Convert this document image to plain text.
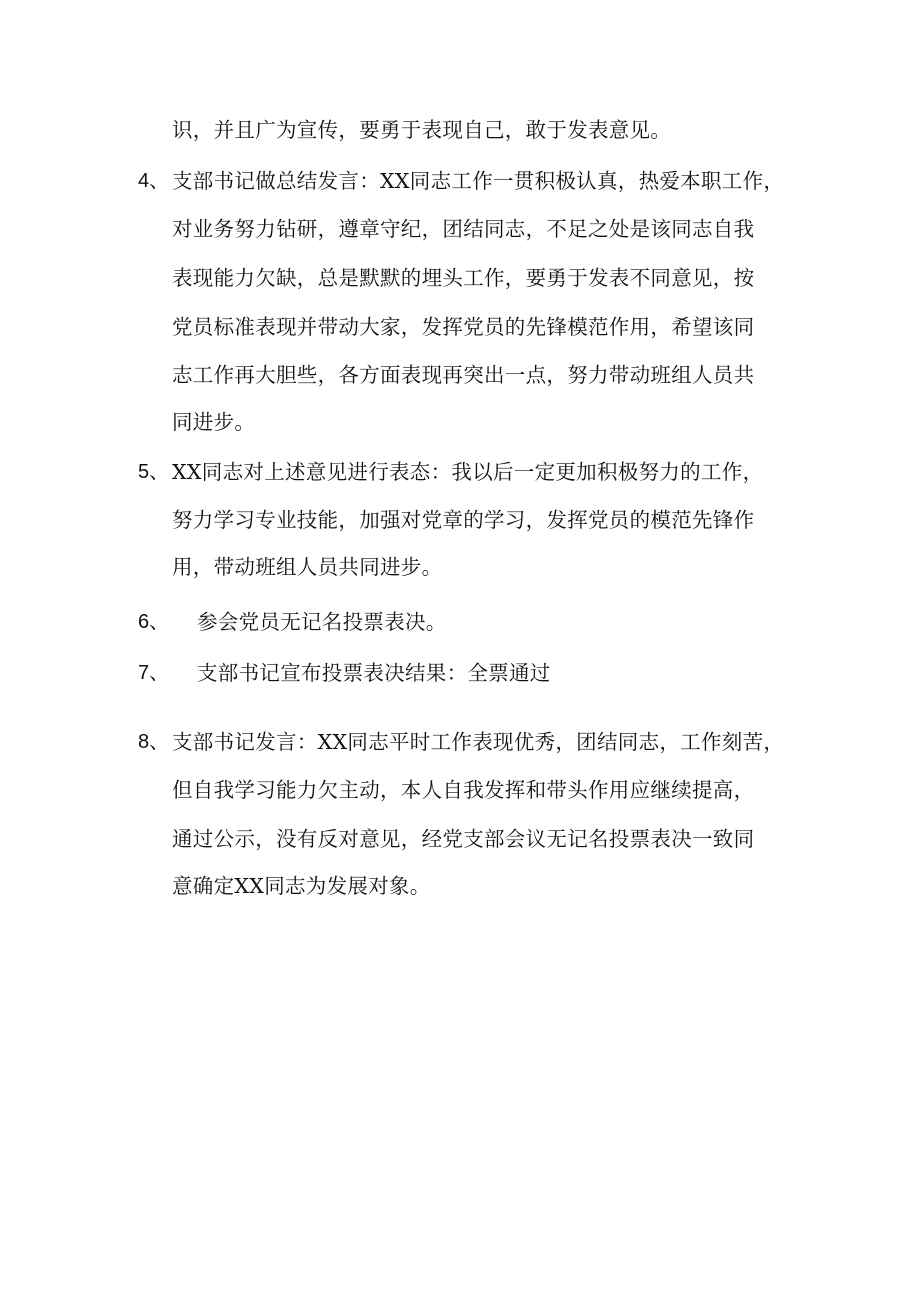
识，并且广为宣传，要勇于表现自己，敢于发表意见。
4、 支部书记做总结发言：XX同志工作一贯积极认真，热爱本职工作，
对业务努力钻研，遵章守纪，团结同志，不足之处是该同志自我
表现能力欠缺，总是默默的埋头工作，要勇于发表不同意见，按
党员标准表现并带动大家，发挥党员的先锋模范作用，希望该同
志工作再大胆些，各方面表现再突出一点，努力带动班组人员共
同进步。
5、 XX同志对上述意见进行表态：我以后一定更加积极努力的工作，
努力学习专业技能，加强对党章的学习，发挥党员的模范先锋作
用，带动班组人员共同进步。
6、 参会党员无记名投票表决。
7、 支部书记宣布投票表决结果：全票通过
8、 支部书记发言：XX同志平时工作表现优秀，团结同志，工作刻苦，
但自我学习能力欠主动，本人自我发挥和带头作用应继续提高，
通过公示，没有反对意见，经党支部会议无记名投票表决一致同
意确定XX同志为发展对象。
